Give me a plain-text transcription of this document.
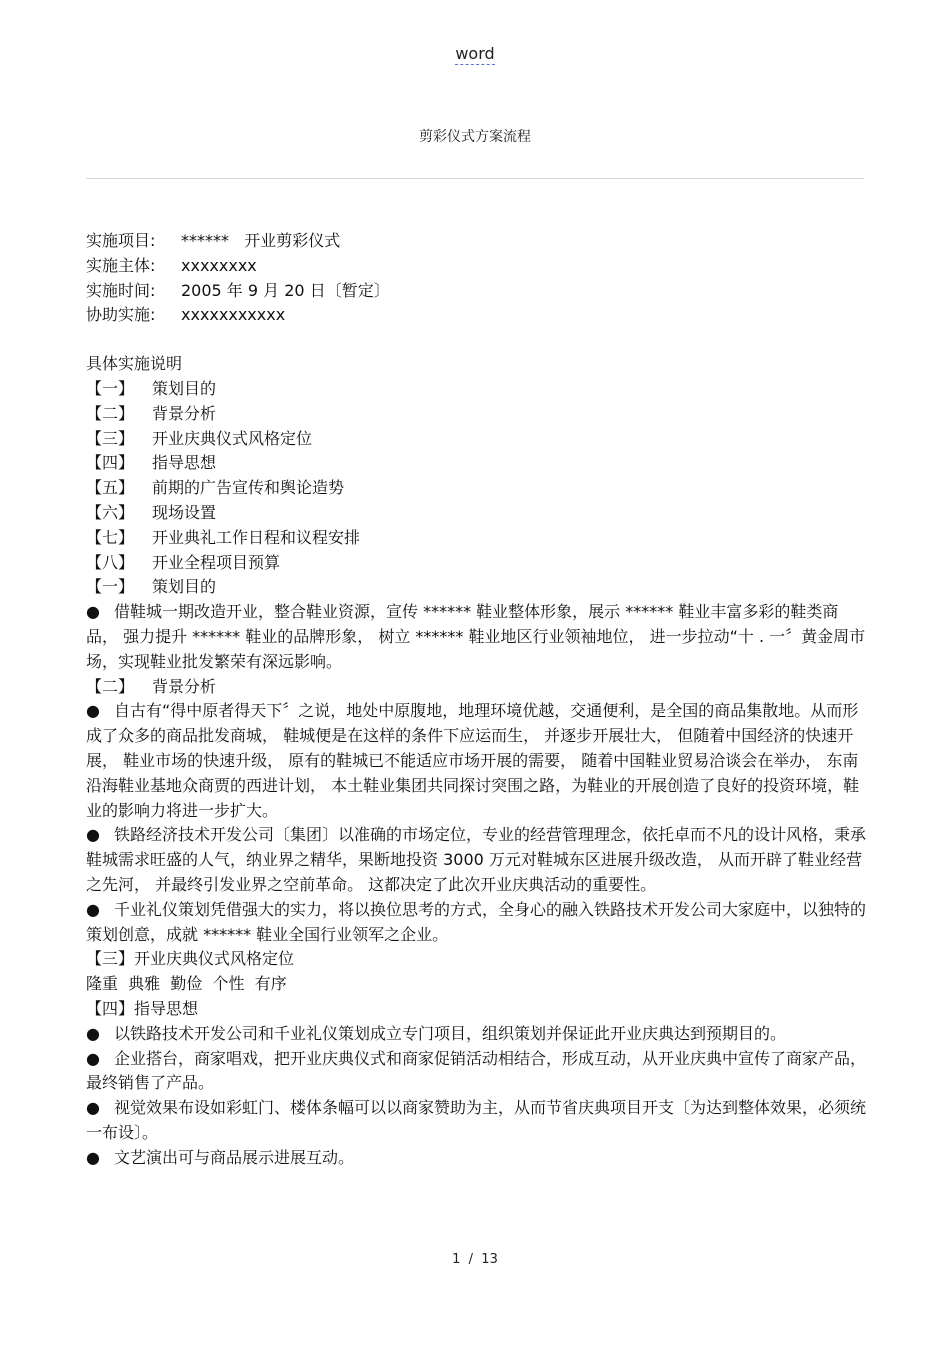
word
剪彩仪式方案流程
实施项目: ******   开业剪彩仪式
实施主体: xxxxxxxx
实施时间: 2005 年 9 月 20 日〔暂定〕
协助实施: xxxxxxxxxxx
具体实施说明
【一】 策划目的
【二】 背景分析
【三】 开业庆典仪式风格定位
【四】 指导思想
【五】 前期的广告宣传和舆论造势
【六】 现场设置
【七】 开业典礼工作日程和议程安排
【八】 开业全程项目预算
【一】 策划目的
● 借鞋城一期改造开业，整合鞋业资源，宣传 ****** 鞋业整体形象，展示 ****** 鞋业丰富多彩的鞋类商品， 强力提升 ****** 鞋业的品牌形象， 树立 ****** 鞋业地区行业领袖地位， 进一步拉动“十 . 一〞黄金周市场，实现鞋业批发繁荣有深远影响。
【二】 背景分析
● 自古有“得中原者得天下〞之说，地处中原腹地，地理环境优越，交通便利，是全国的商品集散地。从而形成了众多的商品批发商城， 鞋城便是在这样的条件下应运而生， 并逐步开展壮大， 但随着中国经济的快速开展， 鞋业市场的快速升级， 原有的鞋城已不能适应市场开展的需要， 随着中国鞋业贸易洽谈会在举办， 东南沿海鞋业基地众商贾的西进计划， 本土鞋业集团共同探讨突围之路，为鞋业的开展创造了良好的投资环境，鞋业的影响力将进一步扩大。
● 铁路经济技术开发公司〔集团〕以准确的市场定位，专业的经营管理理念，依托卓而不凡的设计风格，秉承鞋城需求旺盛的人气，纳业界之精华，果断地投资 3000 万元对鞋城东区进展升级改造， 从而开辟了鞋业经营之先河， 并最终引发业界之空前革命。 这都决定了此次开业庆典活动的重要性。
● 千业礼仪策划凭借强大的实力，将以换位思考的方式，全身心的融入铁路技术开发公司大家庭中，以独特的策划创意，成就 ****** 鞋业全国行业领军之企业。
【三】开业庆典仪式风格定位
隆重  典雅  勤俭  个性  有序
【四】指导思想
● 以铁路技术开发公司和千业礼仪策划成立专门项目，组织策划并保证此开业庆典达到预期目的。
● 企业搭台，商家唱戏，把开业庆典仪式和商家促销活动相结合，形成互动，从开业庆典中宣传了商家产品，最终销售了产品。
● 视觉效果布设如彩虹门、楼体条幅可以以商家赞助为主，从而节省庆典项目开支〔为达到整体效果，必须统一布设〕。
● 文艺演出可与商品展示进展互动。
1  /  13
